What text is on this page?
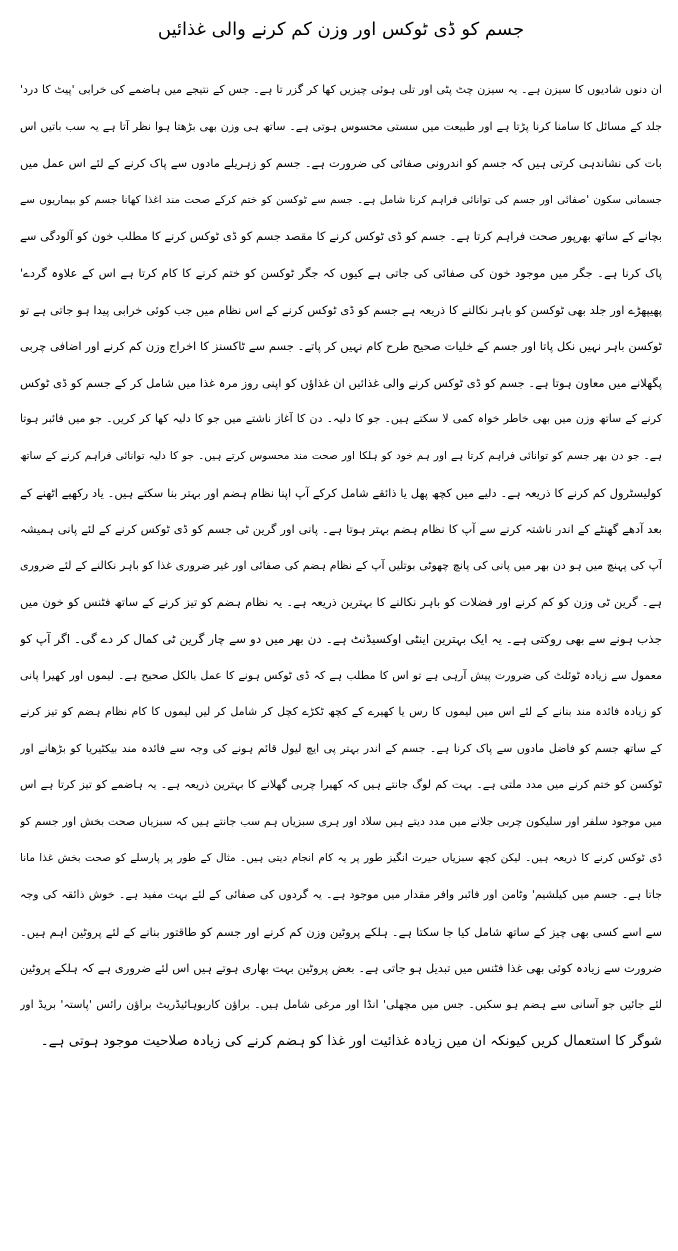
جسم کو ڈی ٹوکس اور وزن کم کرنے والی غذائیں
ان دنوں شادیوں کا سیزن ہے۔ یہ سیزن چٹ پٹی اور تلی ہوئی چیزیں کھا کر گزر تا ہے۔ جس کے نتیجے میں ہاضمے کی خرابی 'پیٹ کا درد'
جلد کے مسائل کا سامنا کرنا پڑتا ہے اور طبیعت میں سستی محسوس ہوتی ہے۔ ساتھ ہی وزن بھی بڑھتا ہوا نظر آتا ہے یہ سب باتیں اس
بات کی نشاندہی کرتی ہیں کہ جسم کو اندرونی صفائی کی ضرورت ہے۔ جسم کو زہریلے مادوں سے پاک کرنے کے لئے اس عمل میں
جسمانی سکون 'صفائی اور جسم کی توانائی فراہم کرنا شامل ہے۔ جسم سے ٹوکسن کو ختم کرکے صحت مند اغذا کھانا جسم کو بیماریوں سے
بچانے کے ساتھ بھرپور صحت فراہم کرتا ہے۔ جسم کو ڈی ٹوکس کرنے کا مقصد جسم کو ڈی ٹوکس کرنے کا مطلب خون کو آلودگی سے
پاک کرنا ہے۔ جگر میں موجود خون کی صفائی کی جاتی ہے کیوں کہ جگر ٹوکسن کو ختم کرنے کا کام کرتا ہے اس کے علاوہ گردے'
پھیپھڑے اور جلد بھی ٹوکسن کو باہر نکالنے کا ذریعہ ہے جسم کو ڈی ٹوکس کرنے کے اس نظام میں جب کوئی خرابی پیدا ہو جاتی ہے تو
ٹوکسن باہر نہیں نکل پاتا اور جسم کے خلیات صحیح طرح کام نہیں کر پاتے۔ جسم سے ٹاکسنز کا اخراج وزن کم کرنے اور اضافی چربی
پگھلانے میں معاون ہوتا ہے۔ جسم کو ڈی ٹوکس کرنے والی غذائیں ان غذاؤں کو اپنی روز مرہ غذا میں شامل کر کے جسم کو ڈی ٹوکس
کرنے کے ساتھ وزن میں بھی خاطر خواہ کمی لا سکتے ہیں۔ جو کا دلیہ۔ دن کا آغاز ناشتے میں جو کا دلیہ کھا کر کریں۔ جو میں فائبر ہوتا
ہے۔ جو دن بھر جسم کو توانائی فراہم کرتا ہے اور ہم خود کو ہلکا اور صحت مند محسوس کرتے ہیں۔ جو کا دلیہ توانائی فراہم کرنے کے ساتھ
کولیسٹرول کم کرنے کا ذریعہ ہے۔ دلیے میں کچھ پھل یا ذائقے شامل کرکے آپ اپنا نظام ہضم اور بہتر بنا سکتے ہیں۔ یاد رکھیے اٹھنے کے
بعد آدھے گھنٹے کے اندر ناشتہ کرنے سے آپ کا نظام ہضم بہتر ہوتا ہے۔ پانی اور گرین ٹی جسم کو ڈی ٹوکس کرنے کے لئے پانی ہمیشہ
آپ کی پہنچ میں ہو دن بھر میں پانی کی پانچ چھوٹی بوتلیں آپ کے نظام ہضم کی صفائی اور غیر ضروری غذا کو باہر نکالنے کے لئے ضروری
ہے۔ گرین ٹی وزن کو کم کرنے اور فضلات کو باہر نکالنے کا بہترین ذریعہ ہے۔ یہ نظام ہضم کو تیز کرنے کے ساتھ فٹنس کو خون میں
جذب ہونے سے بھی روکتی ہے۔ یہ ایک بہترین اینٹی اوکسیڈنٹ ہے۔ دن بھر میں دو سے چار گرین ٹی کمال کر دے گی۔ اگر آپ کو
معمول سے زیادہ ٹوئلٹ کی ضرورت پیش آرہی ہے تو اس کا مطلب ہے کہ ڈی ٹوکس ہونے کا عمل بالکل صحیح ہے۔ لیموں اور کھیرا پانی
کو زیادہ فائدہ مند بنانے کے لئے اس میں لیموں کا رس یا کھیرے کے کچھ ٹکڑے کچل کر شامل کر لیں لیموں کا کام نظام ہضم کو تیز کرنے
کے ساتھ جسم کو فاضل مادوں سے پاک کرنا ہے۔ جسم کے اندر بہتر پی ایچ لیول قائم ہونے کی وجہ سے فائدہ مند بیکٹیریا کو بڑھانے اور
ٹوکسن کو ختم کرنے میں مدد ملتی ہے۔ بہت کم لوگ جانتے ہیں کہ کھیرا چربی گھلانے کا بہترین ذریعہ ہے۔ یہ ہاضمے کو تیز کرتا ہے اس
میں موجود سلفر اور سلیکون چربی جلانے میں مدد دیتے ہیں سلاد اور ہری سبزیاں ہم سب جانتے ہیں کہ سبزیاں صحت بخش اور جسم کو
ڈی ٹوکس کرنے کا ذریعہ ہیں۔ لیکن کچھ سبزیاں حیرت انگیز طور پر یہ کام انجام دیتی ہیں۔ مثال کے طور پر پارسلے کو صحت بخش غذا مانا
جاتا ہے۔ جسم میں کیلشیم' وٹامن اور فائبر وافر مقدار میں موجود ہے۔ یہ گردوں کی صفائی کے لئے بہت مفید ہے۔ خوش ذائقہ کی وجہ
سے اسے کسی بھی چیز کے ساتھ شامل کیا جا سکتا ہے۔ ہلکے پروٹین وزن کم کرنے اور جسم کو طاقتور بنانے کے لئے پروٹین اہم ہیں۔
ضرورت سے زیادہ کوئی بھی غذا فٹنس میں تبدیل ہو جاتی ہے۔ بعض پروٹین بہت بھاری ہوتے ہیں اس لئے ضروری ہے کہ ہلکے پروٹین
لئے جائیں جو آسانی سے ہضم ہو سکیں۔ جس میں مچھلی' انڈا اور مرغی شامل ہیں۔ براؤن کاربوہائیڈریٹ براؤن رائس 'پاستہ' بریڈ اور
شوگر کا استعمال کریں کیونکہ ان میں زیادہ غذائیت اور غذا کو ہضم کرنے کی زیادہ صلاحیت موجود ہوتی ہے۔
